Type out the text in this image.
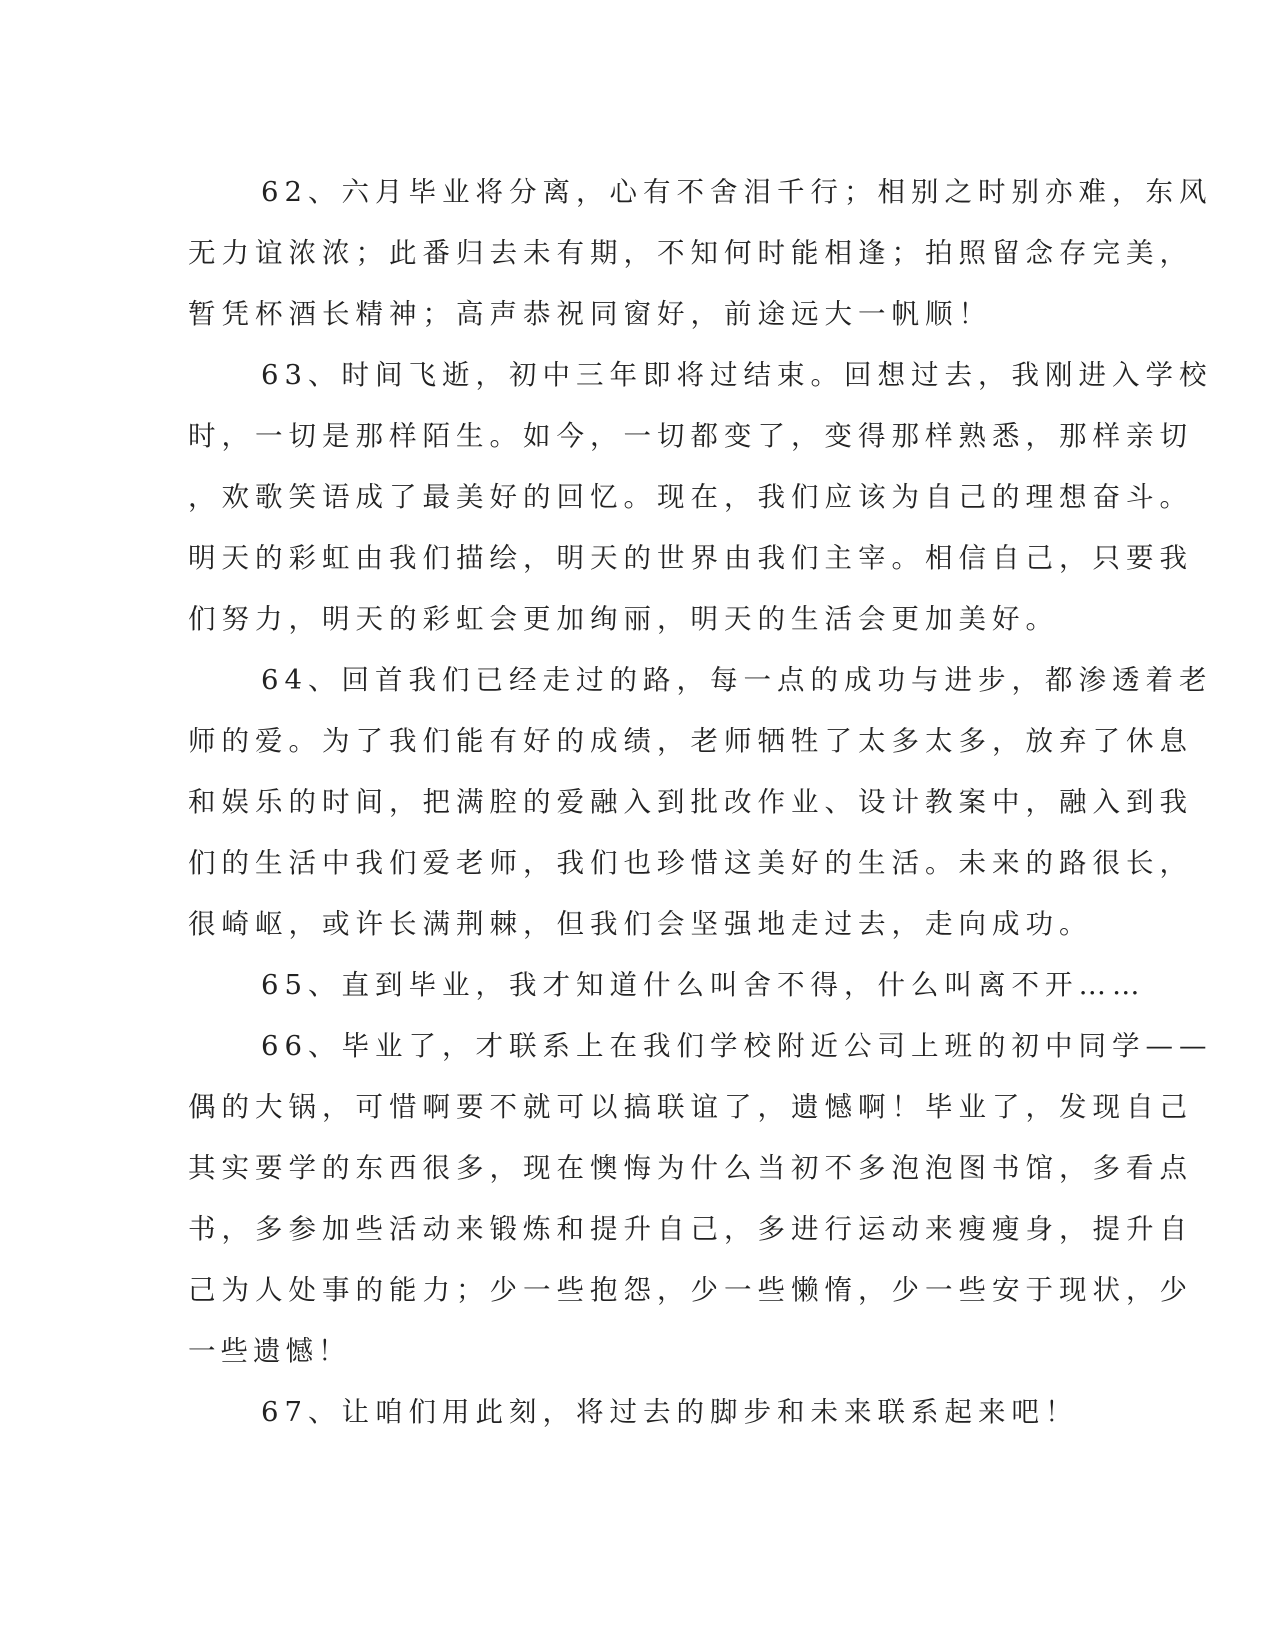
62、六月毕业将分离，心有不舍泪千行；相别之时别亦难，东风
无力谊浓浓；此番归去未有期，不知何时能相逢；拍照留念存完美，
暂凭杯酒长精神；高声恭祝同窗好，前途远大一帆顺！
63、时间飞逝，初中三年即将过结束。回想过去，我刚进入学校
时，一切是那样陌生。如今，一切都变了，变得那样熟悉，那样亲切
，欢歌笑语成了最美好的回忆。现在，我们应该为自己的理想奋斗。
明天的彩虹由我们描绘，明天的世界由我们主宰。相信自己，只要我
们努力，明天的彩虹会更加绚丽，明天的生活会更加美好。
64、回首我们已经走过的路，每一点的成功与进步，都渗透着老
师的爱。为了我们能有好的成绩，老师牺牲了太多太多，放弃了休息
和娱乐的时间，把满腔的爱融入到批改作业、设计教案中，融入到我
们的生活中我们爱老师，我们也珍惜这美好的生活。未来的路很长，
很崎岖，或许长满荆棘，但我们会坚强地走过去，走向成功。
65、直到毕业，我才知道什么叫舍不得，什么叫离不开……
66、毕业了，才联系上在我们学校附近公司上班的初中同学——
偶的大锅，可惜啊要不就可以搞联谊了，遗憾啊！毕业了，发现自己
其实要学的东西很多，现在懊悔为什么当初不多泡泡图书馆，多看点
书，多参加些活动来锻炼和提升自己，多进行运动来瘦瘦身，提升自
己为人处事的能力；少一些抱怨，少一些懒惰，少一些安于现状，少
一些遗憾！
67、让咱们用此刻，将过去的脚步和未来联系起来吧！
